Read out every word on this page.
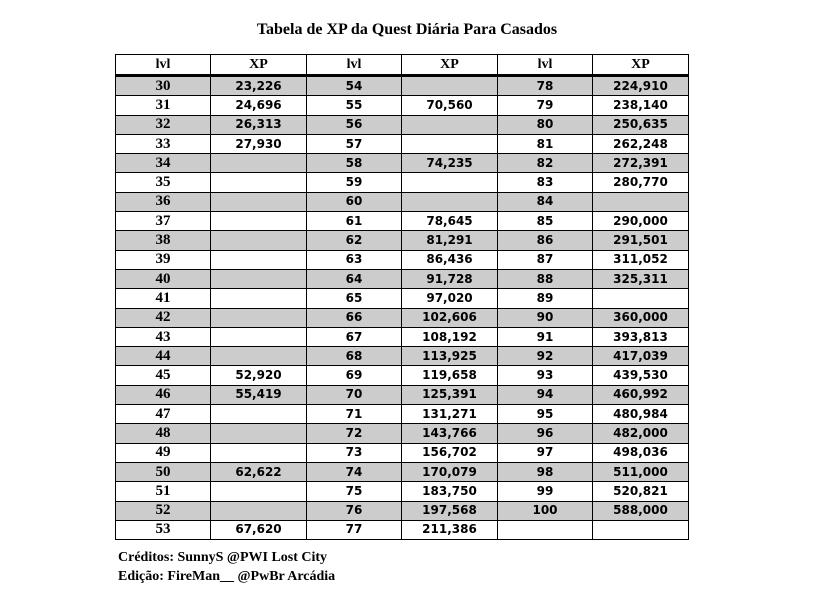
Tabela de XP da Quest Diária Para Casados
lvl	XP	lvl	XP	lvl	XP
30	23,226	54		78	224,910
31	24,696	55	70,560	79	238,140
32	26,313	56		80	250,635
33	27,930	57		81	262,248
34		58	74,235	82	272,391
35		59		83	280,770
36		60		84	
37		61	78,645	85	290,000
38		62	81,291	86	291,501
39		63	86,436	87	311,052
40		64	91,728	88	325,311
41		65	97,020	89	
42		66	102,606	90	360,000
43		67	108,192	91	393,813
44		68	113,925	92	417,039
45	52,920	69	119,658	93	439,530
46	55,419	70	125,391	94	460,992
47		71	131,271	95	480,984
48		72	143,766	96	482,000
49		73	156,702	97	498,036
50	62,622	74	170,079	98	511,000
51		75	183,750	99	520,821
52		76	197,568	100	588,000
53	67,620	77	211,386		
Créditos: SunnyS @PWI Lost City
Edição: FireMan__ @PwBr Arcádia
